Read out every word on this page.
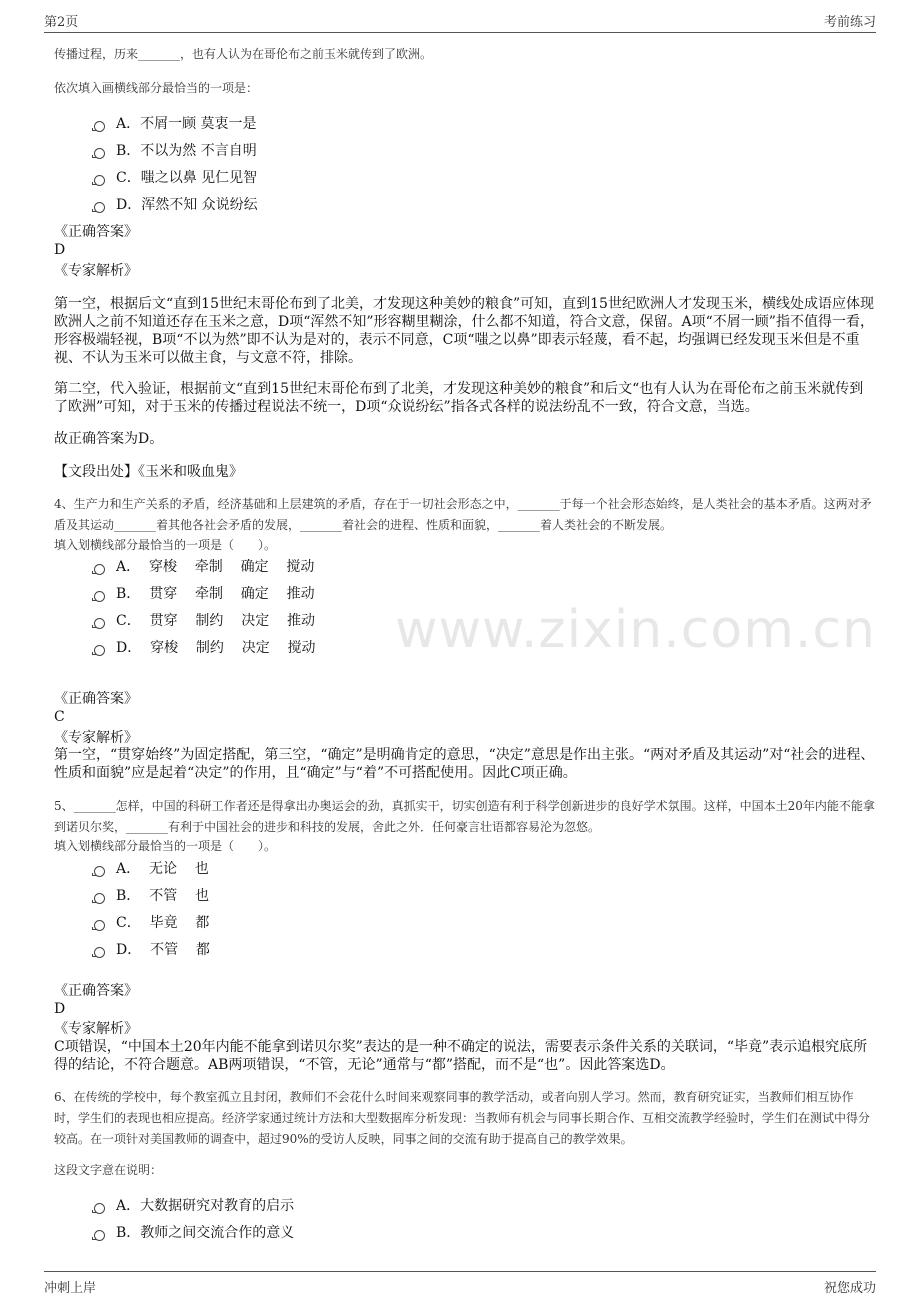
第2页	考前练习
www.zixin.com.cn

传播过程，历来_______，也有人认为在哥伦布之前玉米就传到了欧洲。

依次填入画横线部分最恰当的一项是：

A．不屑一顾 莫衷一是
B．不以为然 不言自明
C．嗤之以鼻 见仁见智
D．浑然不知 众说纷纭

《正确答案》

D

《专家解析》

第一空，根据后文“直到15世纪末哥伦布到了北美，才发现这种美妙的粮食”可知，直到15世纪欧洲人才发现玉米，横线处成语应体现欧洲人之前不知道还存在玉米之意，D项“浑然不知”形容糊里糊涂，什么都不知道，符合文意，保留。A项“不屑一顾”指不值得一看，形容极端轻视，B项“不以为然”即不认为是对的，表示不同意，C项“嗤之以鼻”即表示轻蔑，看不起，均强调已经发现玉米但是不重视、不认为玉米可以做主食，与文意不符，排除。

第二空，代入验证，根据前文“直到15世纪末哥伦布到了北美，才发现这种美妙的粮食”和后文“也有人认为在哥伦布之前玉米就传到了欧洲”可知，对于玉米的传播过程说法不统一，D项“众说纷纭”指各式各样的说法纷乱不一致，符合文意，当选。

故正确答案为D。

【文段出处】《玉米和吸血鬼》

4、生产力和生产关系的矛盾，经济基础和上层建筑的矛盾，存在于一切社会形态之中，_______于每一个社会形态始终，是人类社会的基本矛盾。这两对矛盾及其运动_______着其他各社会矛盾的发展，_______着社会的进程、性质和面貌，_______着人类社会的不断发展。

填入划横线部分最恰当的一项是（　　）。

A．  穿梭    牵制    确定    搅动
B．  贯穿    牵制    确定    推动
C．  贯穿    制约    决定    推动
D．  穿梭    制约    决定    搅动

《正确答案》

C

《专家解析》

第一空，“贯穿始终”为固定搭配，第三空，“确定”是明确肯定的意思，“决定”意思是作出主张。“两对矛盾及其运动”对“社会的进程、性质和面貌”应是起着“决定”的作用，且“确定”与“着”不可搭配使用。因此C项正确。

5、_______怎样，中国的科研工作者还是得拿出办奥运会的劲，真抓实干，切实创造有利于科学创新进步的良好学术氛围。这样，中国本土20年内能不能拿到诺贝尔奖，_______有利于中国社会的进步和科技的发展，舍此之外．任何豪言壮语都容易沦为忽悠。

填入划横线部分最恰当的一项是（　　）。

A．  无论    也
B．  不管    也
C．  毕竟    都
D．  不管    都

《正确答案》

D

《专家解析》

C项错误，“中国本土20年内能不能拿到诺贝尔奖”表达的是一种不确定的说法，需要表示条件关系的关联词，“毕竟”表示追根究底所得的结论，不符合题意。AB两项错误，“不管，无论”通常与“都”搭配，而不是“也”。因此答案选D。

6、在传统的学校中，每个教室孤立且封闭，教师们不会花什么时间来观察同事的教学活动，或者向别人学习。然而，教育研究证实，当教师们相互协作时，学生们的表现也相应提高。经济学家通过统计方法和大型数据库分析发现：当教师有机会与同事长期合作、互相交流教学经验时，学生们在测试中得分较高。在一项针对美国教师的调查中，超过90%的受访人反映，同事之间的交流有助于提高自己的教学效果。

这段文字意在说明：

A．大数据研究对教育的启示
B．教师之间交流合作的意义
冲刺上岸	祝您成功
